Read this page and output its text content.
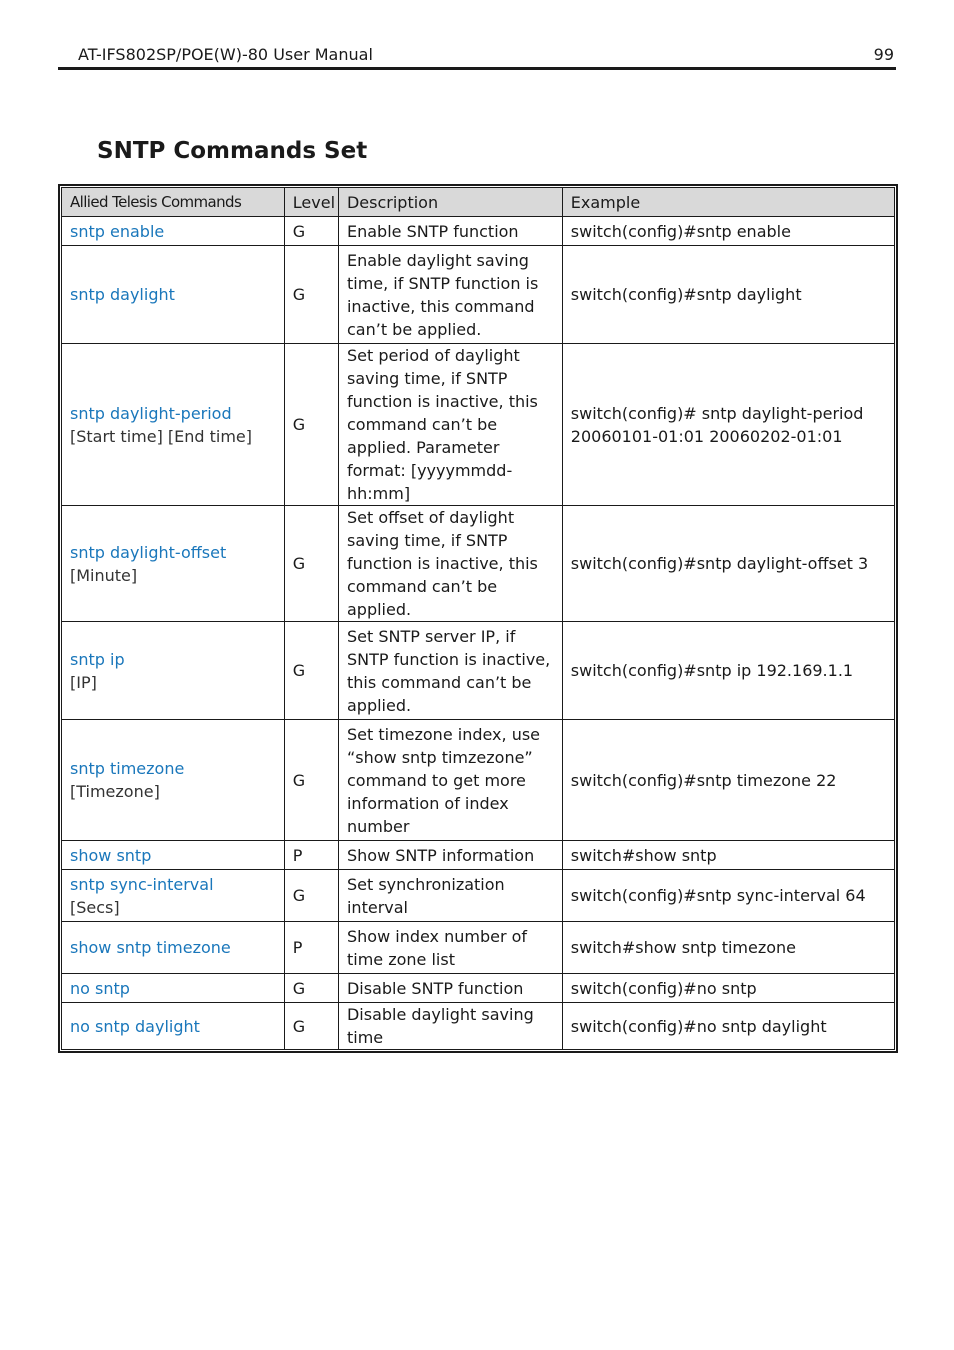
AT-IFS802SP/POE(W)-80 User Manual	99
SNTP Commands Set
Allied Telesis Commands	Level	Description	Example

sntp enable	G	Enable SNTP function	switch(config)#sntp enable

sntp daylight	G	Enable daylight saving time, if SNTP function is inactive, this command can’t be applied.	switch(config)#sntp daylight

sntp daylight-period
[Start time] [End time]	G	Set period of daylight saving time, if SNTP function is inactive, this command can’t be applied. Parameter format: [yyyymmdd-hh:mm]	switch(config)# sntp daylight-period 20060101-01:01 20060202-01:01

sntp daylight-offset
[Minute]	G	Set offset of daylight saving time, if SNTP function is inactive, this command can’t be applied.	switch(config)#sntp daylight-offset 3

sntp ip
[IP]	G	Set SNTP server IP, if SNTP function is inactive, this command can’t be applied.	switch(config)#sntp ip 192.169.1.1

sntp timezone
[Timezone]	G	Set timezone index, use “show sntp timzezone” command to get more information of index number	switch(config)#sntp timezone 22

show sntp	P	Show SNTP information	switch#show sntp

sntp sync-interval
[Secs]	G	Set synchronization interval	switch(config)#sntp sync-interval 64

show sntp timezone	P	Show index number of time zone list	switch#show sntp timezone

no sntp	G	Disable SNTP function	switch(config)#no sntp

no sntp daylight	G	Disable daylight saving time	switch(config)#no sntp daylight
